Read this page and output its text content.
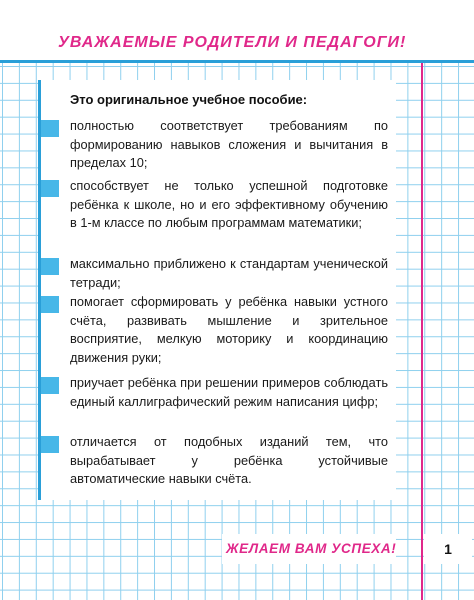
УВАЖАЕМЫЕ РОДИТЕЛИ И ПЕДАГОГИ!

Это оригинальное учебное пособие:

полностью соответствует требованиям по формированию навыков сложения и вычитания в пределах 10;

способствует не только успешной подготовке ребёнка к школе, но и его эффективному обучению в 1-м классе по любым программам математики;

максимально приближено к стандартам ученической тетради;

помогает сформировать у ребёнка навыки устного счёта, развивать мышление и зрительное восприятие, мелкую моторику и координацию движения руки;

приучает ребёнка при решении примеров соблюдать единый каллиграфический режим написания цифр;

отличается от подобных изданий тем, что вырабатывает у ребёнка устойчивые автоматические навыки счёта.

ЖЕЛАЕМ ВАМ УСПЕХА!	1
